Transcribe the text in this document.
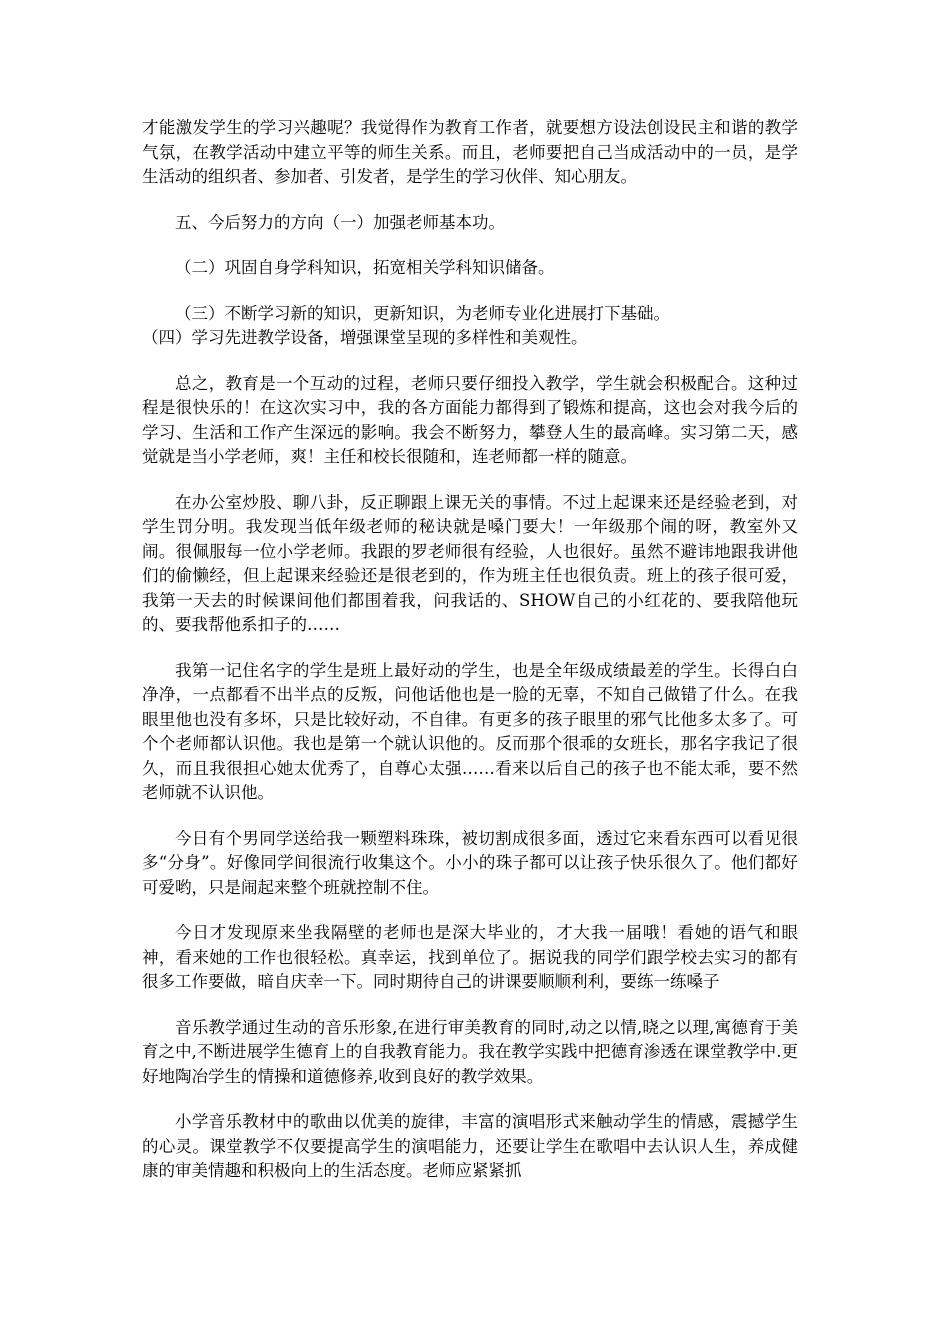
才能激发学生的学习兴趣呢？我觉得作为教育工作者，就要想方设法创设民主和谐的教学气氛，在教学活动中建立平等的师生关系。而且，老师要把自己当成活动中的一员，是学生活动的组织者、参加者、引发者，是学生的学习伙伴、知心朋友。

五、今后努力的方向（一）加强老师基本功。

（二）巩固自身学科知识，拓宽相关学科知识储备。

（三）不断学习新的知识，更新知识，为老师专业化进展打下基础。

（四）学习先进教学设备，增强课堂呈现的多样性和美观性。

总之，教育是一个互动的过程，老师只要仔细投入教学，学生就会积极配合。这种过程是很快乐的！在这次实习中，我的各方面能力都得到了锻炼和提高，这也会对我今后的学习、生活和工作产生深远的影响。我会不断努力，攀登人生的最高峰。实习第二天，感觉就是当小学老师，爽！主任和校长很随和，连老师都一样的随意。

在办公室炒股、聊八卦，反正聊跟上课无关的事情。不过上起课来还是经验老到，对学生罚分明。我发现当低年级老师的秘诀就是嗓门要大！一年级那个闹的呀，教室外又闹。很佩服每一位小学老师。我跟的罗老师很有经验，人也很好。虽然不避讳地跟我讲他们的偷懒经，但上起课来经验还是很老到的，作为班主任也很负责。班上的孩子很可爱，我第一天去的时候课间他们都围着我，问我话的、SHOW自己的小红花的、要我陪他玩的、要我帮他系扣子的……

我第一记住名字的学生是班上最好动的学生，也是全年级成绩最差的学生。长得白白净净，一点都看不出半点的反叛，问他话他也是一脸的无辜，不知自己做错了什么。在我眼里他也没有多坏，只是比较好动，不自律。有更多的孩子眼里的邪气比他多太多了。可个个老师都认识他。我也是第一个就认识他的。反而那个很乖的女班长，那名字我记了很久，而且我很担心她太优秀了，自尊心太强……看来以后自己的孩子也不能太乖，要不然老师就不认识他。

今日有个男同学送给我一颗塑料珠珠，被切割成很多面，透过它来看东西可以看见很多“分身”。好像同学间很流行收集这个。小小的珠子都可以让孩子快乐很久了。他们都好可爱哟，只是闹起来整个班就控制不住。

今日才发现原来坐我隔壁的老师也是深大毕业的，才大我一届哦！看她的语气和眼神，看来她的工作也很轻松。真幸运，找到单位了。据说我的同学们跟学校去实习的都有很多工作要做，暗自庆幸一下。同时期待自己的讲课要顺顺利利，要练一练嗓子

音乐教学通过生动的音乐形象,在进行审美教育的同时,动之以情,晓之以理,寓德育于美育之中,不断进展学生德育上的自我教育能力。我在教学实践中把德育渗透在课堂教学中.更好地陶冶学生的情操和道德修养,收到良好的教学效果。

小学音乐教材中的歌曲以优美的旋律，丰富的演唱形式来触动学生的情感，震撼学生的心灵。课堂教学不仅要提高学生的演唱能力，还要让学生在歌唱中去认识人生，养成健康的审美情趣和积极向上的生活态度。老师应紧紧抓
